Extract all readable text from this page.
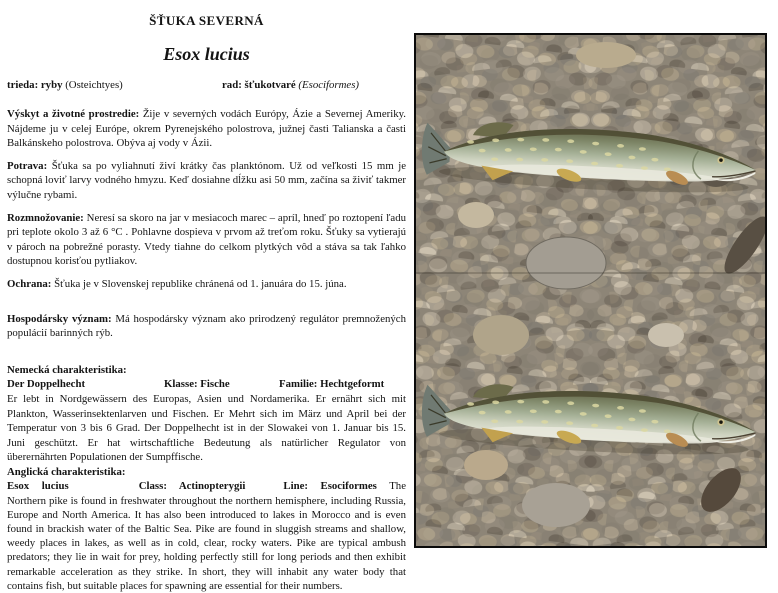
ŠŤUKA SEVERNÁ
Esox lucius
trieda: ryby (Osteichtyes)	rad: šťukotvaré (Esociformes)

Výskyt a životné prostredie: Žije v severných vodách Európy, Ázie a Severnej Ameriky. Nájdeme ju v celej Európe, okrem Pyrenejského polostrova, južnej časti Talianska a časti Balkánskeho polostrova. Obýva aj vody v Ázii.

Potrava: Šťuka sa po vyliahnutí živí krátky čas planktónom. Už od veľkosti 15 mm je schopná loviť larvy vodného hmyzu. Keď dosiahne dĺžku asi 50 mm, začína sa živiť takmer výlučne rybami.

Rozmnožovanie: Neresí sa skoro na jar v mesiacoch marec – apríl, hneď po roztopení ľadu pri teplote okolo 3 až 6 °C . Pohlavne dospieva v prvom až treťom roku. Šťuky sa vytierajú v pároch na pobrežné porasty. Vtedy tiahne do celkom plytkých vôd a stáva sa tak ľahko dostupnou korisťou pytliakov.

Ochrana: Šťuka je v Slovenskej republike chránená od 1. januára do 15. júna.

Hospodársky význam: Má hospodársky význam ako prirodzený regulátor premnožených populácií barinných rýb.

Nemecká charakteristika:
Der Doppelhecht	Klasse: Fische	Familie: Hechtgeformt

Er lebt in Nordgewässern des Europas, Asien und Nordamerika. Er ernährt sich mit Plankton, Wasserinsektenlarven und Fischen. Er Mehrt sich im März und April bei der Temperatur von 3 bis 6 Grad. Der Doppelhecht ist in der Slowakei von 1. Januar bis 15. Juni geschützt. Er hat wirtschaftliche Bedeutung als natürlicher Regulator von überernährten Populationen der Sumpffische.

Anglická charakteristika:

Esox lucius	Class: Actinopterygii	Line: Esociformes The Northern pike is found in freshwater throughout the northern hemisphere, including Russia, Europe and North America. It has also been introduced to lakes in Morocco and is even found in brackish water of the Baltic Sea. Pike are found in sluggish streams and shallow, weedy places in lakes, as well as in cold, clear, rocky waters. Pike are typical ambush predators; they lie in wait for prey, holding perfectly still for long periods and then exhibit remarkable acceleration as they strike. In short, they will inhabit any water body that contains fish, but suitable places for spawning are essential for their numbers.
